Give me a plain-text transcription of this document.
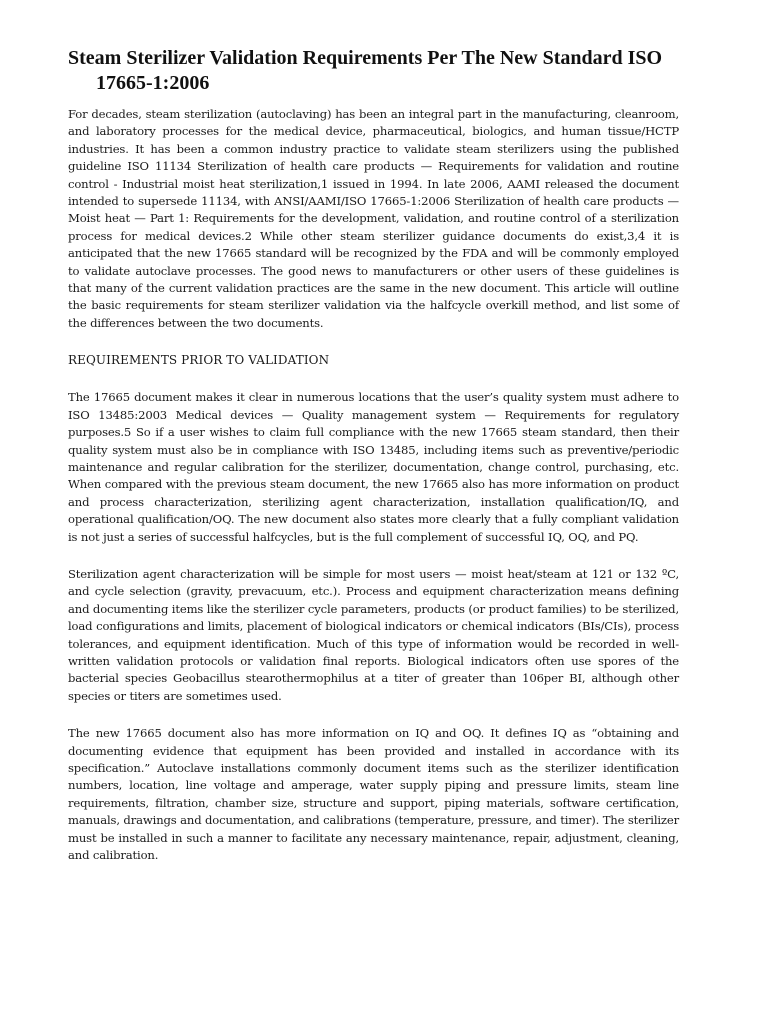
Steam Sterilizer Validation Requirements Per The New Standard ISO 17665-1:2006

For decades, steam sterilization (autoclaving) has been an integral part in the manufacturing, cleanroom, and laboratory processes for the medical device, pharmaceutical, biologics, and human tissue/HCTP industries. It has been a common industry practice to validate steam sterilizers using the published guideline ISO 11134 Sterilization of health care products — Requirements for validation and routine control - Industrial moist heat sterilization,1 issued in 1994. In late 2006, AAMI released the document intended to supersede 11134, with ANSI/AAMI/ISO 17665-1:2006 Sterilization of health care products — Moist heat — Part 1: Requirements for the development, validation, and routine control of a sterilization process for medical devices.2 While other steam sterilizer guidance documents do exist,3,4 it is anticipated that the new 17665 standard will be recognized by the FDA and will be commonly employed to validate autoclave processes. The good news to manufacturers or other users of these guidelines is that many of the current validation practices are the same in the new document. This article will outline the basic requirements for steam sterilizer validation via the halfcycle overkill method, and list some of the differences between the two documents.

REQUIREMENTS PRIOR TO VALIDATION

The 17665 document makes it clear in numerous locations that the user’s quality system must adhere to ISO 13485:2003 Medical devices — Quality management system — Requirements for regulatory purposes.5 So if a user wishes to claim full compliance with the new 17665 steam standard, then their quality system must also be in compliance with ISO 13485, including items such as preventive/periodic maintenance and regular calibration for the sterilizer, documentation, change control, purchasing, etc. When compared with the previous steam document, the new 17665 also has more information on product and process characterization, sterilizing agent characterization, installation qualification/IQ, and operational qualification/OQ. The new document also states more clearly that a fully compliant validation is not just a series of successful halfcycles, but is the full complement of successful IQ, OQ, and PQ.

Sterilization agent characterization will be simple for most users — moist heat/steam at 121 or 132 ºC, and cycle selection (gravity, prevacuum, etc.). Process and equipment characterization means defining and documenting items like the sterilizer cycle parameters, products (or product families) to be sterilized, load configurations and limits, placement of biological indicators or chemical indicators (BIs/CIs), process tolerances, and equipment identification. Much of this type of information would be recorded in well-written validation protocols or validation final reports. Biological indicators often use spores of the bacterial species Geobacillus stearothermophilus at a titer of greater than 106per BI, although other species or titers are sometimes used.

The new 17665 document also has more information on IQ and OQ. It defines IQ as “obtaining and documenting evidence that equipment has been provided and installed in accordance with its specification.” Autoclave installations commonly document items such as the sterilizer identification numbers, location, line voltage and amperage, water supply piping and pressure limits, steam line requirements, filtration, chamber size, structure and support, piping materials, software certification, manuals, drawings and documentation, and calibrations (temperature, pressure, and timer). The sterilizer must be installed in such a manner to facilitate any necessary maintenance, repair, adjustment, cleaning, and calibration.
